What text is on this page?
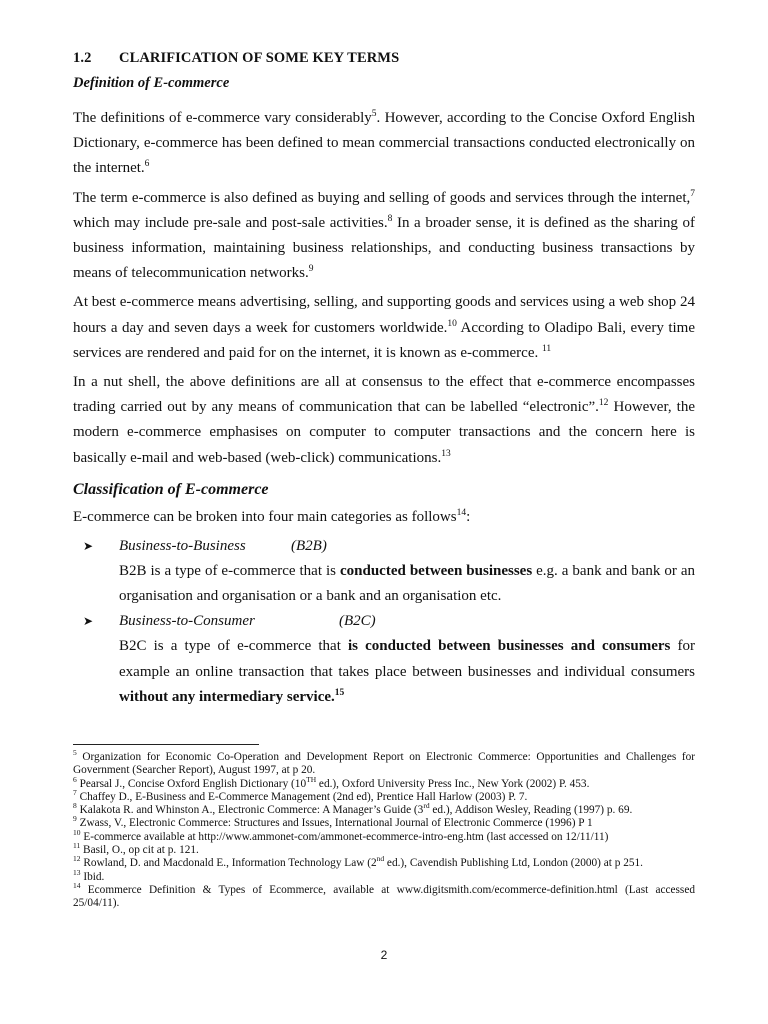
1.2 CLARIFICATION OF SOME KEY TERMS

Definition of E-commerce

The definitions of e-commerce vary considerably$^5$. However, according to the Concise Oxford English Dictionary, e-commerce has been defined to mean commercial transactions conducted electronically on the internet.$^6$

The term e-commerce is also defined as buying and selling of goods and services through the internet,$^7$ which may include pre-sale and post-sale activities.$^8$ In a broader sense, it is defined as the sharing of business information, maintaining business relationships, and conducting business transactions by means of telecommunication networks.$^9$

At best e-commerce means advertising, selling, and supporting goods and services using a web shop 24 hours a day and seven days a week for customers worldwide.$^{10}$ According to Oladipo Bali, every time services are rendered and paid for on the internet, it is known as e-commerce. $^{11}$

In a nut shell, the above definitions are all at consensus to the effect that e-commerce encompasses trading carried out by any means of communication that can be labelled “electronic”.$^{12}$ However, the modern e-commerce emphasises on computer to computer transactions and the concern here is basically e-mail and web-based (web-click) communications.$^{13}$

Classification of E-commerce

E-commerce can be broken into four main categories as follows$^{14}$:

➤ Business-to-Business	(B2B)

B2B is a type of e-commerce that is conducted between businesses e.g. a bank and bank or an organisation and organisation or a bank and an organisation etc.

➤ Business-to-Consumer	(B2C)

B2C is a type of e-commerce that is conducted between businesses and consumers for example an online transaction that takes place between businesses and individual consumers without any intermediary service.$^{15}$

$^5$ Organization for Economic Co-Operation and Development Report on Electronic Commerce: Opportunities and Challenges for Government (Searcher Report), August 1997, at p 20.

$^6$ Pearsal J., Concise Oxford English Dictionary (10TH ed.), Oxford University Press Inc., New York (2002) P. 453.

$^7$ Chaffey D., E-Business and E-Commerce Management (2nd ed), Prentice Hall Harlow (2003) P. 7.

$^8$ Kalakota R. and Whinston A., Electronic Commerce: A Manager’s Guide (3rd ed.), Addison Wesley, Reading (1997) p. 69.

$^9$ Zwass, V., Electronic Commerce: Structures and Issues, International Journal of Electronic Commerce (1996) P 1

$^{10}$ E-commerce available at http://www.ammonet-com/ammonet-ecommerce-intro-eng.htm (last accessed on 12/11/11)

$^{11}$ Basil, O., op cit at p. 121.

$^{12}$ Rowland, D. and Macdonald E., Information Technology Law (2nd ed.), Cavendish Publishing Ltd, London (2000) at p 251.

$^{13}$ Ibid.

$^{14}$ Ecommerce Definition & Types of Ecommerce, available at www.digitsmith.com/ecommerce-definition.html (Last accessed 25/04/11).

2
